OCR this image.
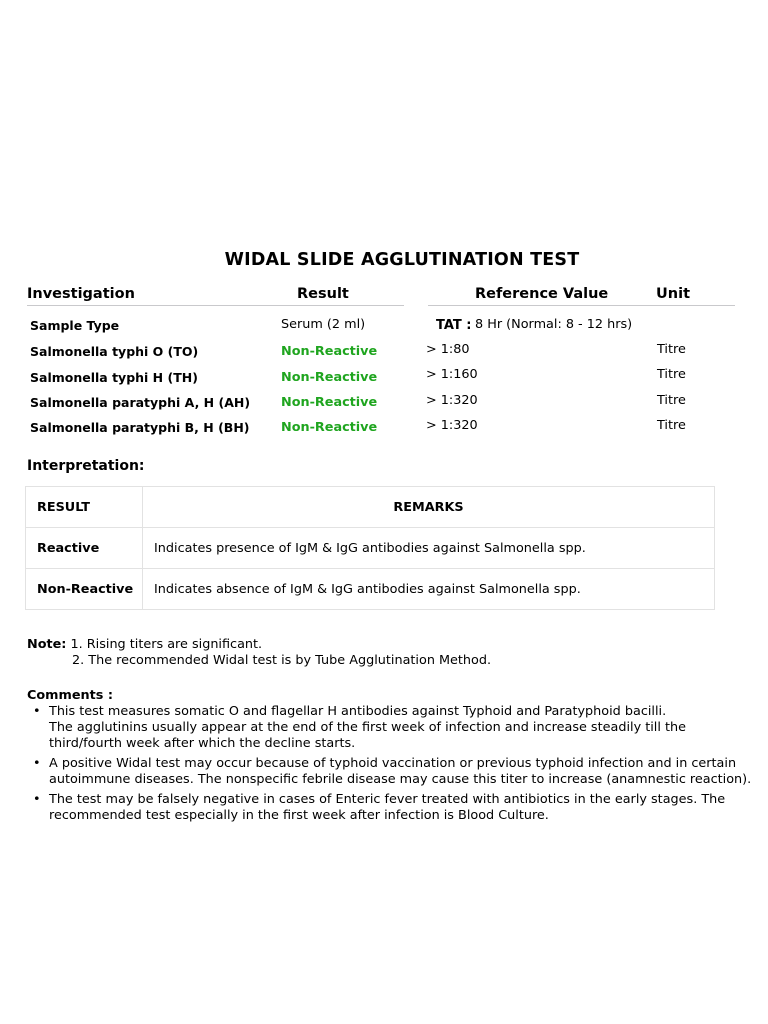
WIDAL SLIDE AGGLUTINATION TEST
Investigation	Result	Reference Value	Unit
Sample Type	Serum (2 ml)	TAT : 8 Hr (Normal: 8 - 12 hrs)
Salmonella typhi O (TO)	Non-Reactive	> 1:80	Titre
Salmonella typhi H (TH)	Non-Reactive	> 1:160	Titre
Salmonella paratyphi A, H (AH) Non-Reactive	> 1:320	Titre
Salmonella paratyphi B, H (BH) Non-Reactive	> 1:320	Titre
Interpretation:
RESULT	REMARKS
Reactive	Indicates presence of IgM & IgG antibodies against Salmonella spp.
Non-Reactive	Indicates absence of IgM & IgG antibodies against Salmonella spp.
Note: 1. Rising titers are significant.
2. The recommended Widal test is by Tube Agglutination Method.
Comments :
• This test measures somatic O and flagellar H antibodies against Typhoid and Paratyphoid bacilli.
The agglutinins usually appear at the end of the first week of infection and increase steadily till the
third/fourth week after which the decline starts.
• A positive Widal test may occur because of typhoid vaccination or previous typhoid infection and in certain
autoimmune diseases. The nonspecific febrile disease may cause this titer to increase (anamnestic reaction).
• The test may be falsely negative in cases of Enteric fever treated with antibiotics in the early stages. The
recommended test especially in the first week after infection is Blood Culture.
